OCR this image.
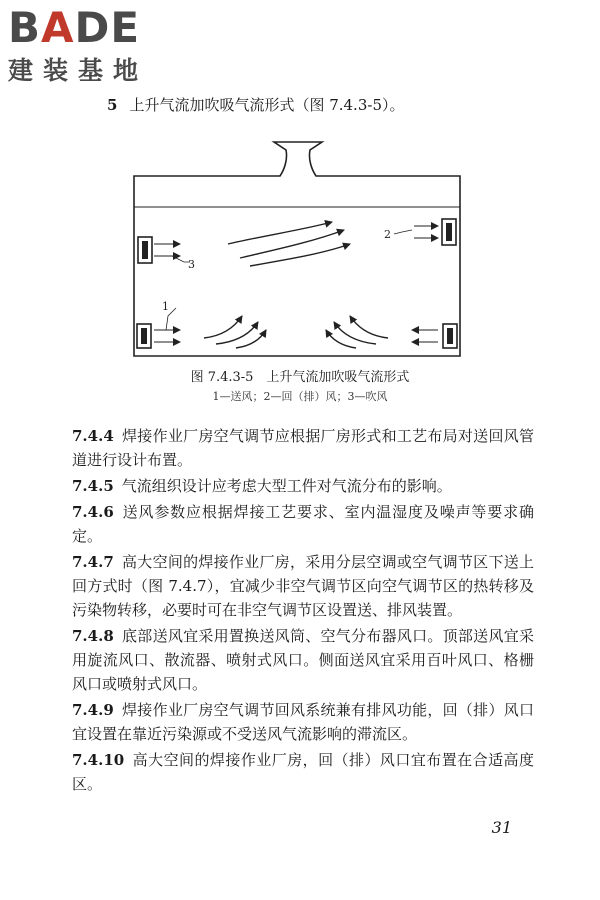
BADE
建装基地
5 上升气流加吹吸气流形式（图 7.4.3-5）。
1
3
2
图 7.4.3-5　上升气流加吹吸气流形式
1—送风；2—回（排）风；3—吹风

7.4.4 焊接作业厂房空气调节应根据厂房形式和工艺布局对送回风管道进行设计布置。

7.4.5 气流组织设计应考虑大型工件对气流分布的影响。

7.4.6 送风参数应根据焊接工艺要求、室内温湿度及噪声等要求确定。

7.4.7 高大空间的焊接作业厂房，采用分层空调或空气调节区下送上回方式时（图 7.4.7），宜减少非空气调节区向空气调节区的热转移及污染物转移，必要时可在非空气调节区设置送、排风装置。

7.4.8 底部送风宜采用置换送风筒、空气分布器风口。顶部送风宜采用旋流风口、散流器、喷射式风口。侧面送风宜采用百叶风口、格栅风口或喷射式风口。

7.4.9 焊接作业厂房空气调节回风系统兼有排风功能，回（排）风口宜设置在靠近污染源或不受送风气流影响的滞流区。

7.4.10 高大空间的焊接作业厂房，回（排）风口宜布置在合适高度区。

31
